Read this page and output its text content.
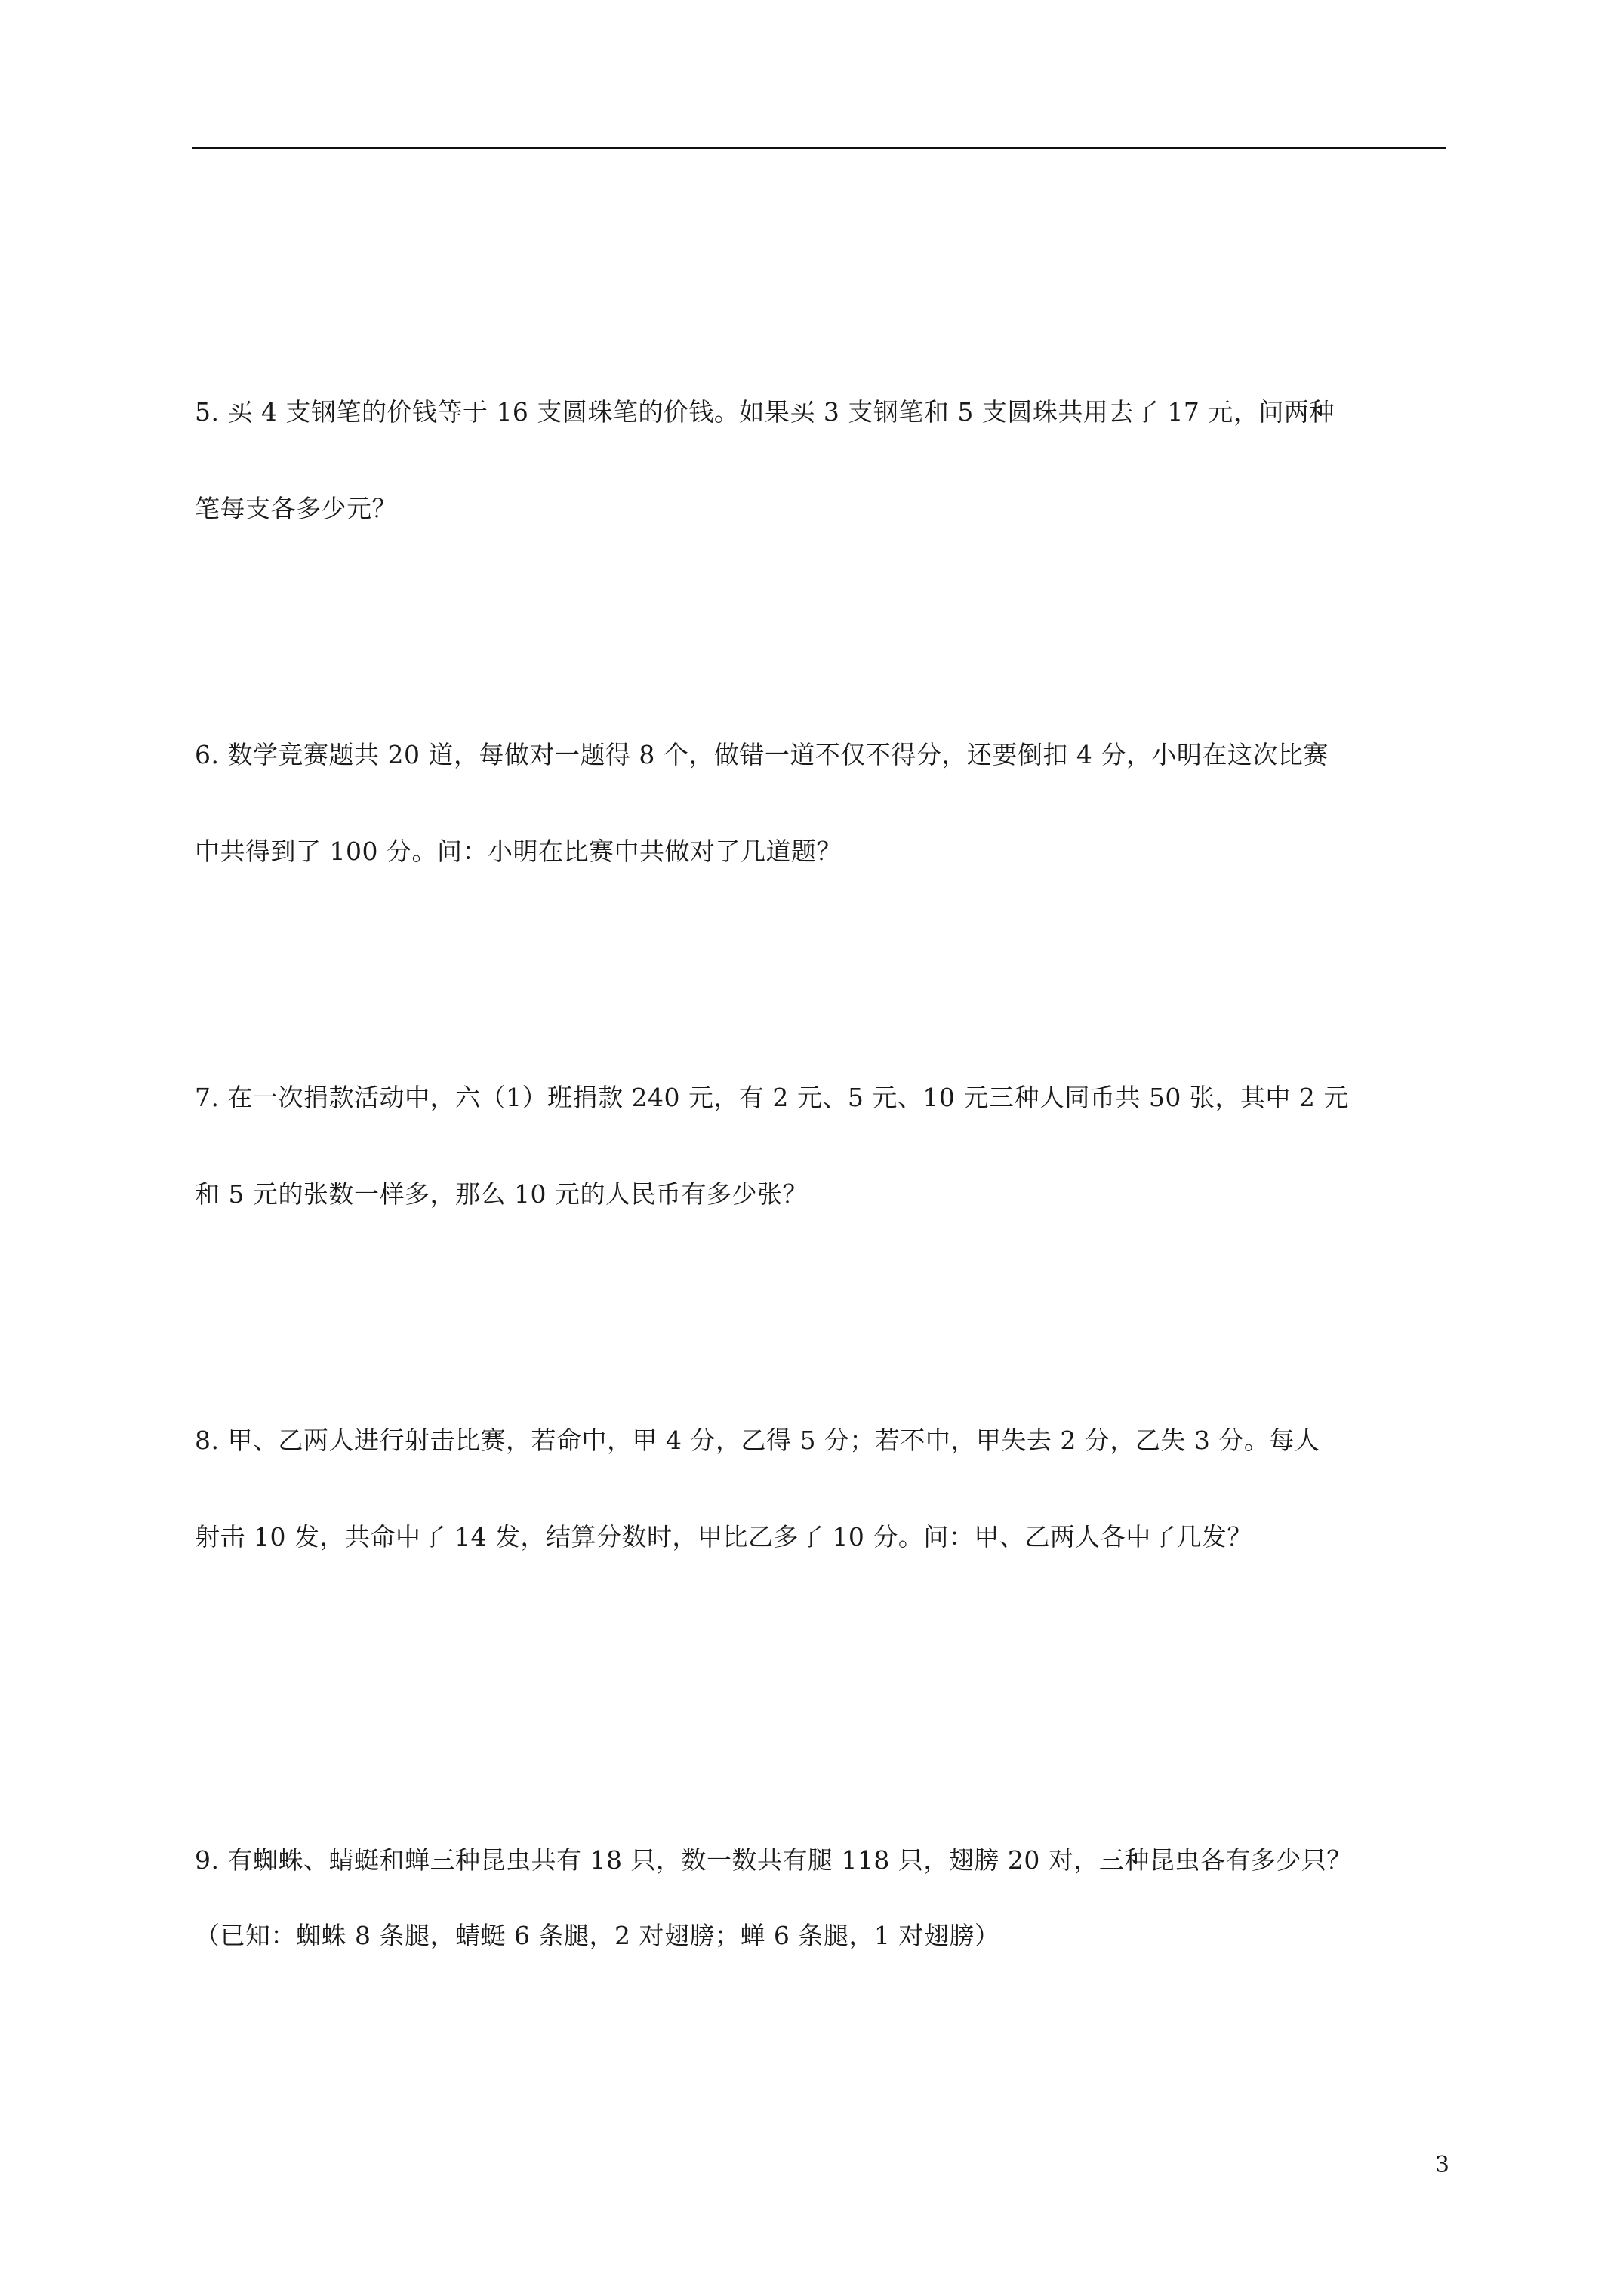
5. 买 4 支钢笔的价钱等于 16 支圆珠笔的价钱。如果买 3 支钢笔和 5 支圆珠共用去了 17 元，问两种
笔每支各多少元？
6. 数学竞赛题共 20 道，每做对一题得 8 个，做错一道不仅不得分，还要倒扣 4 分，小明在这次比赛
中共得到了 100 分。问：小明在比赛中共做对了几道题？
7. 在一次捐款活动中，六（1）班捐款 240 元，有 2 元、5 元、10 元三种人同币共 50 张，其中 2 元
和 5 元的张数一样多，那么 10 元的人民币有多少张？
8. 甲、乙两人进行射击比赛，若命中，甲 4 分，乙得 5 分；若不中，甲失去 2 分，乙失 3 分。每人
射击 10 发，共命中了 14 发，结算分数时，甲比乙多了 10 分。问：甲、乙两人各中了几发？
9. 有蜘蛛、蜻蜓和蝉三种昆虫共有 18 只，数一数共有腿 118 只，翅膀 20 对，三种昆虫各有多少只？
（已知：蜘蛛 8 条腿，蜻蜓 6 条腿，2 对翅膀；蝉 6 条腿，1 对翅膀）
3
